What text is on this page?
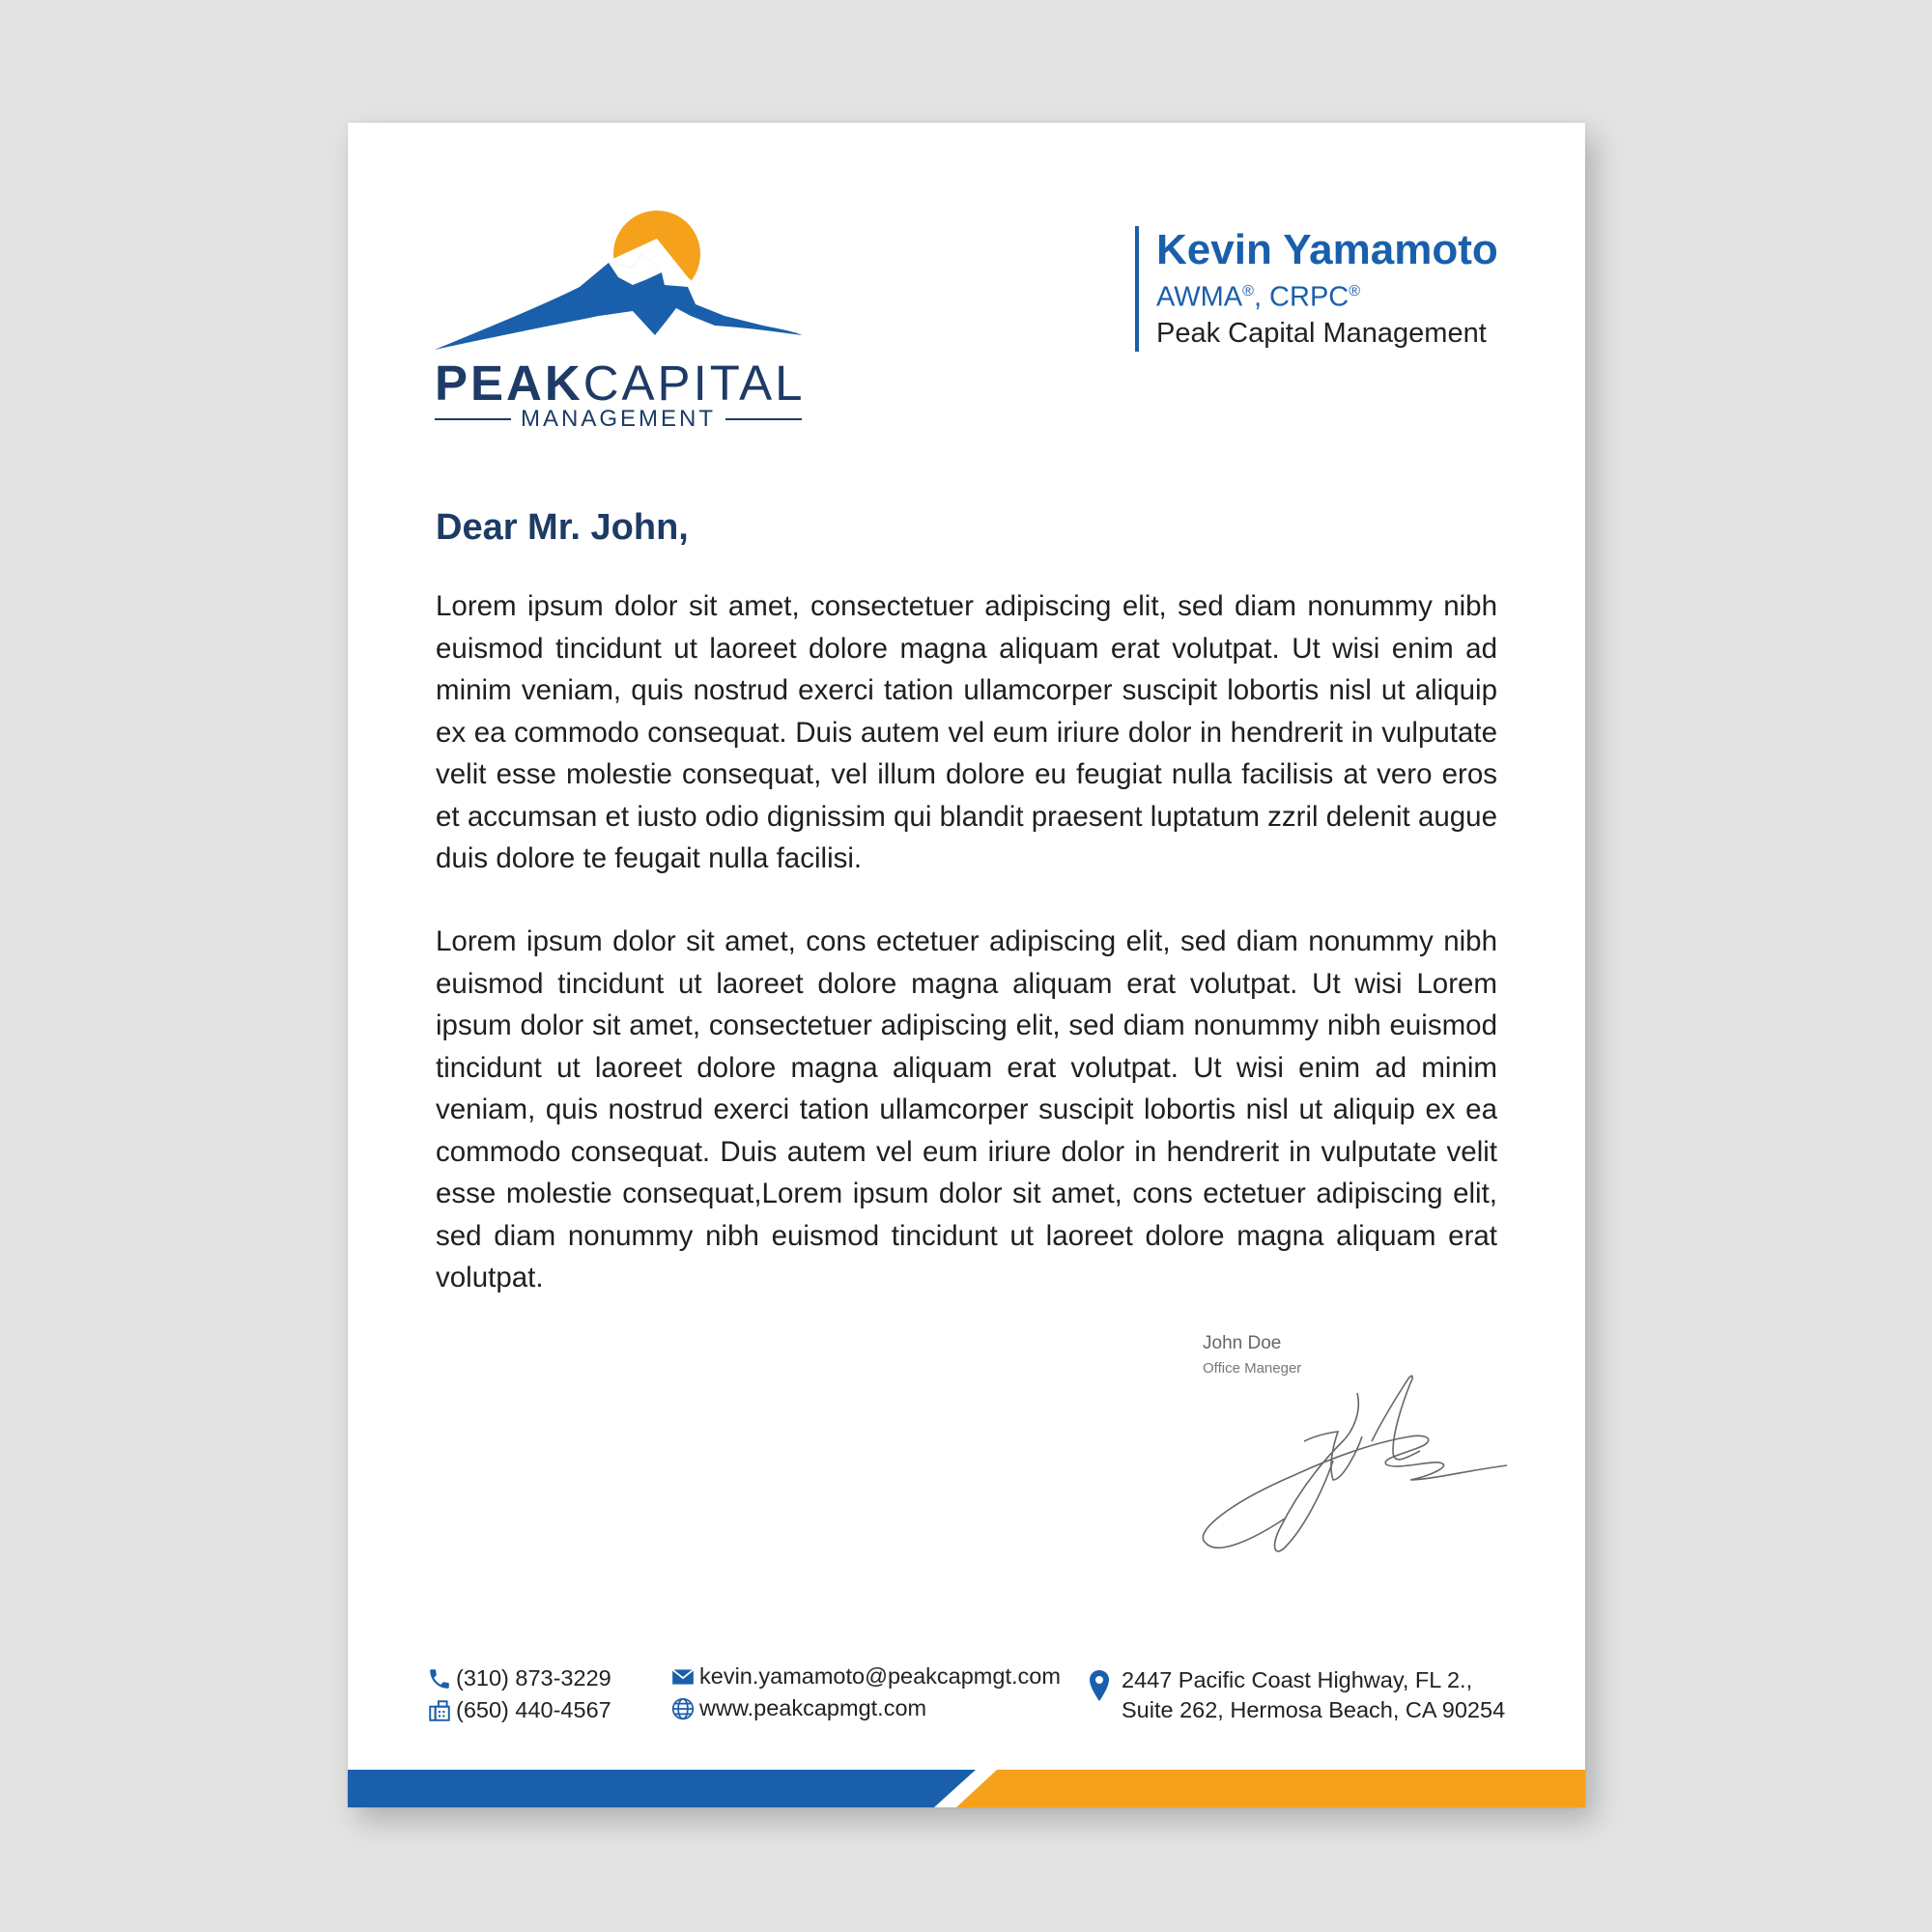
PEAKCAPITAL
MANAGEMENT
Kevin Yamamoto
AWMA®, CRPC®
Peak Capital Management
Dear Mr. John,

Lorem ipsum dolor sit amet, consectetuer adipiscing elit, sed diam nonummy nibh euismod tincidunt ut laoreet dolore magna aliquam erat volutpat. Ut wisi enim ad minim veniam, quis nostrud exerci tation ullamcorper suscipit lobortis nisl ut aliquip ex ea commodo consequat. Duis autem vel eum iriure dolor in hendrerit in vulputate velit esse molestie consequat, vel illum dolore eu feugiat nulla facilisis at vero eros et accumsan et iusto odio dignissim qui blandit praesent luptatum zzril delenit augue duis dolore te feugait nulla facilisi.

Lorem ipsum dolor sit amet, cons ectetuer adipiscing elit, sed diam nonummy nibh euismod tincidunt ut laoreet dolore magna aliquam erat volutpat. Ut wisi Lorem ipsum dolor sit amet, consectetuer adipiscing elit, sed diam nonummy nibh euismod tincidunt ut laoreet dolore magna aliquam erat volutpat. Ut wisi enim ad minim veniam, quis nostrud exerci tation ullamcorper suscipit lobortis nisl ut aliquip ex ea commodo consequat. Duis autem vel eum iriure dolor in hendrerit in vulputate velit esse molestie consequat,Lorem ipsum dolor sit amet, cons ectetuer adipiscing elit, sed diam nonummy nibh euismod tincidunt ut laoreet dolore magna aliquam erat volutpat.

John Doe
Office Maneger
(310) 873-3229
(650) 440-4567
kevin.yamamoto@peakcapmgt.com
www.peakcapmgt.com
2447 Pacific Coast Highway, FL 2.,
Suite 262, Hermosa Beach, CA 90254
